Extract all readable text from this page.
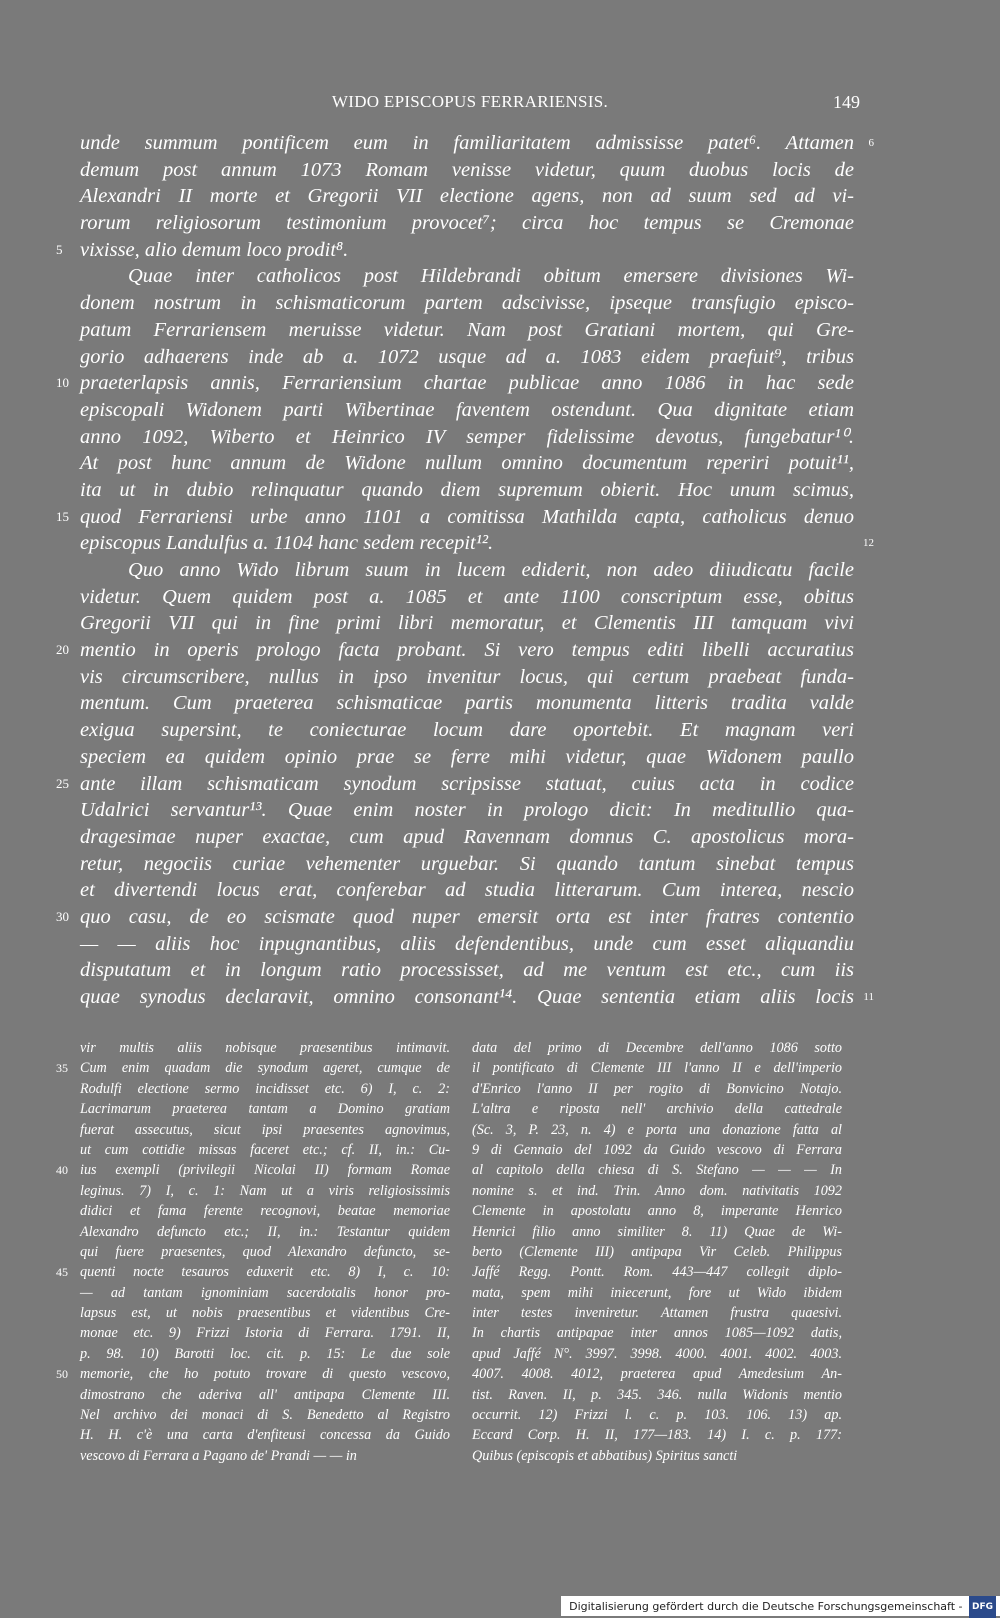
WIDO EPISCOPUS FERRARIENSIS.	149
unde summum pontificem eum in familiaritatem admississe patet⁶. Attamen 6
demum post annum 1073 Romam venisse videtur, quum duobus locis de
Alexandri II morte et Gregorii VII electione agens, non ad suum sed ad vi-
rorum religiosorum testimonium provocet⁷; circa hoc tempus se Cremonae
5 vixisse, alio demum loco prodit⁸.
Quae inter catholicos post Hildebrandi obitum emersere divisiones Wi-
donem nostrum in schismaticorum partem adscivisse, ipseque transfugio episco-
patum Ferrariensem meruisse videtur. Nam post Gratiani mortem, qui Gre-
gorio adhaerens inde ab a. 1072 usque ad a. 1083 eidem praefuit⁹, tribus
10 praeterlapsis annis, Ferrariensium chartae publicae anno 1086 in hac sede
episcopali Widonem parti Wibertinae faventem ostendunt. Qua dignitate etiam
anno 1092, Wiberto et Heinrico IV semper fidelissime devotus, fungebatur¹⁰.
At post hunc annum de Widone nullum omnino documentum reperiri potuit¹¹,
ita ut in dubio relinquatur quando diem supremum obierit. Hoc unum scimus,
15 quod Ferrariensi urbe anno 1101 a comitissa Mathilda capta, catholicus denuo
episcopus Landulfus a. 1104 hanc sedem recepit¹².	12
Quo anno Wido librum suum in lucem ediderit, non adeo diiudicatu facile
videtur. Quem quidem post a. 1085 et ante 1100 conscriptum esse, obitus
Gregorii VII qui in fine primi libri memoratur, et Clementis III tamquam vivi
20 mentio in operis prologo facta probant. Si vero tempus editi libelli accuratius
vis circumscribere, nullus in ipso invenitur locus, qui certum praebeat funda-
mentum. Cum praeterea schismaticae partis monumenta litteris tradita valde
exigua supersint, te coniecturae locum dare oportebit. Et magnam veri
speciem ea quidem opinio prae se ferre mihi videtur, quae Widonem paullo
25 ante illam schismaticam synodum scripsisse statuat, cuius acta in codice
Udalrici servantur¹³. Quae enim noster in prologo dicit: In meditullio qua-
dragesimae nuper exactae, cum apud Ravennam domnus C. apostolicus mora-
retur, negociis curiae vehementer urguebar. Si quando tantum sinebat tempus
et divertendi locus erat, conferebar ad studia litterarum. Cum interea, nescio
30 quo casu, de eo scismate quod nuper emersit orta est inter fratres contentio
— — aliis hoc inpugnantibus, aliis defendentibus, unde cum esset aliquandiu
disputatum et in longum ratio processisset, ad me ventum est etc., cum iis
quae synodus declaravit, omnino consonant¹⁴. Quae sententia etiam aliis locis 11
vir multis aliis nobisque praesentibus intimavit.
35 Cum enim quadam die synodum ageret, cumque de
Rodulfi electione sermo incidisset etc. 6) I, c. 2:
Lacrimarum praeterea tantam a Domino gratiam
fuerat assecutus, sicut ipsi praesentes agnovimus,
ut cum cottidie missas faceret etc.; cf. II, in.: Cu-
40 ius exempli (privilegii Nicolai II) formam Romae
leginus. 7) I, c. 1: Nam ut a viris religiosissimis
didici et fama ferente recognovi, beatae memoriae
Alexandro defuncto etc.; II, in.: Testantur quidem
qui fuere praesentes, quod Alexandro defuncto, se-
45 quenti nocte tesauros eduxerit etc. 8) I, c. 10:
— ad tantam ignominiam sacerdotalis honor pro-
lapsus est, ut nobis praesentibus et videntibus Cre-
monae etc. 9) Frizzi Istoria di Ferrara. 1791. II,
p. 98. 10) Barotti loc. cit. p. 15: Le due sole
50 memorie, che ho potuto trovare di questo vescovo,
dimostrano che aderiva all' antipapa Clemente III.
Nel archivo dei monaci di S. Benedetto al Registro
H. H. c'è una carta d'enfiteusi concessa da Guido
vescovo di Ferrara a Pagano de' Prandi — — in
data del primo di Decembre dell'anno 1086 sotto
il pontificato di Clemente III l'anno II e dell'imperio
d'Enrico l'anno II per rogito di Bonvicino Notajo.
L'altra e riposta nell' archivio della cattedrale
(Sc. 3, P. 23, n. 4) e porta una donazione fatta al
9 di Gennaio del 1092 da Guido vescovo di Ferrara
al capitolo della chiesa di S. Stefano — — — In
nomine s. et ind. Trin. Anno dom. nativitatis 1092
Clemente in apostolatu anno 8, imperante Henrico
Henrici filio anno similiter 8. 11) Quae de Wi-
berto (Clemente III) antipapa Vir Celeb. Philippus
Jaffé Regg. Pontt. Rom. 443—447 collegit diplo-
mata, spem mihi iniecerunt, fore ut Wido ibidem
inter testes inveniretur. Attamen frustra quaesivi.
In chartis antipapae inter annos 1085—1092 datis,
apud Jaffé N°. 3997. 3998. 4000. 4001. 4002. 4003.
4007. 4008. 4012, praeterea apud Amedesium An-
tist. Raven. II, p. 345. 346. nulla Widonis mentio
occurrit. 12) Frizzi l. c. p. 103. 106. 13) ap.
Eccard Corp. H. II, 177—183. 14) I. c. p. 177:
Quibus (episcopis et abbatibus) Spiritus sancti
Digitalisierung gefördert durch die Deutsche Forschungsgemeinschaft - DFG
